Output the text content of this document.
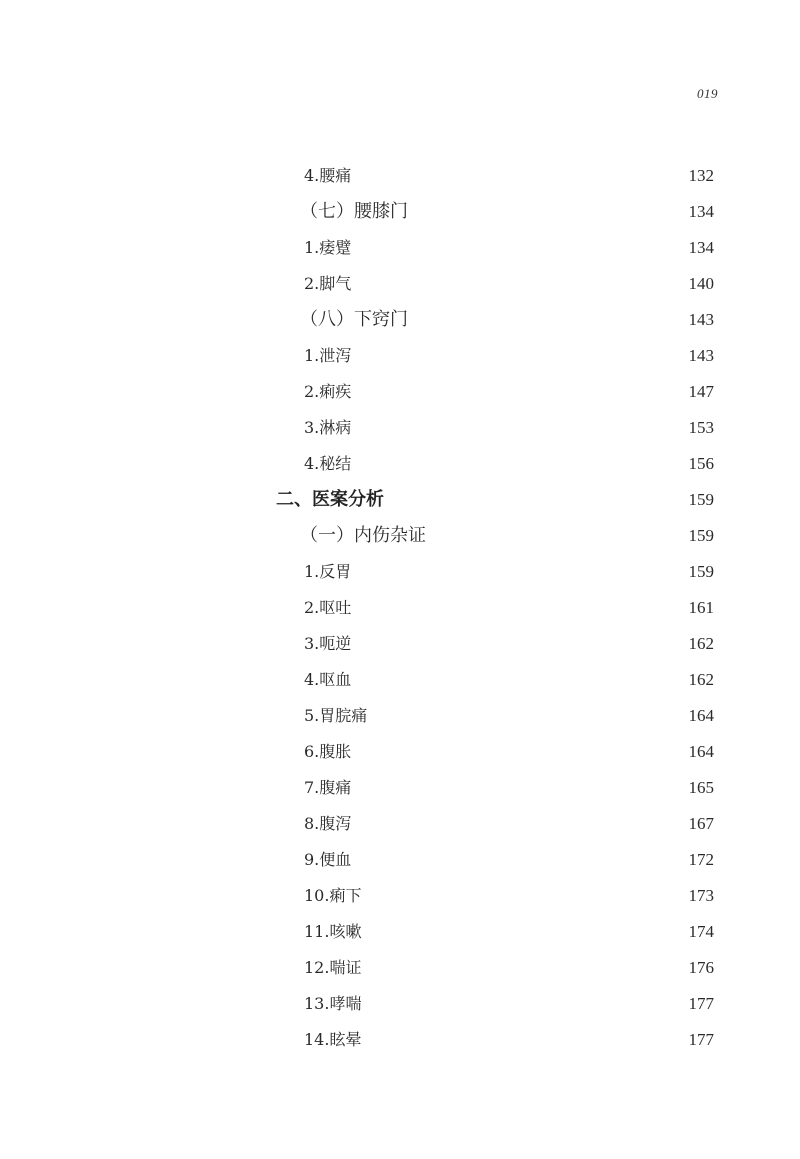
019
4.腰痛	132
（七）腰膝门	134
1.痿躄	134
2.脚气	140
（八）下窍门	143
1.泄泻	143
2.痢疾	147
3.淋病	153
4.秘结	156
二、医案分析	159
（一）内伤杂证	159
1.反胃	159
2.呕吐	161
3.呃逆	162
4.呕血	162
5.胃脘痛	164
6.腹胀	164
7.腹痛	165
8.腹泻	167
9.便血	172
10.痢下	173
11.咳嗽	174
12.喘证	176
13.哮喘	177
14.眩晕	177
